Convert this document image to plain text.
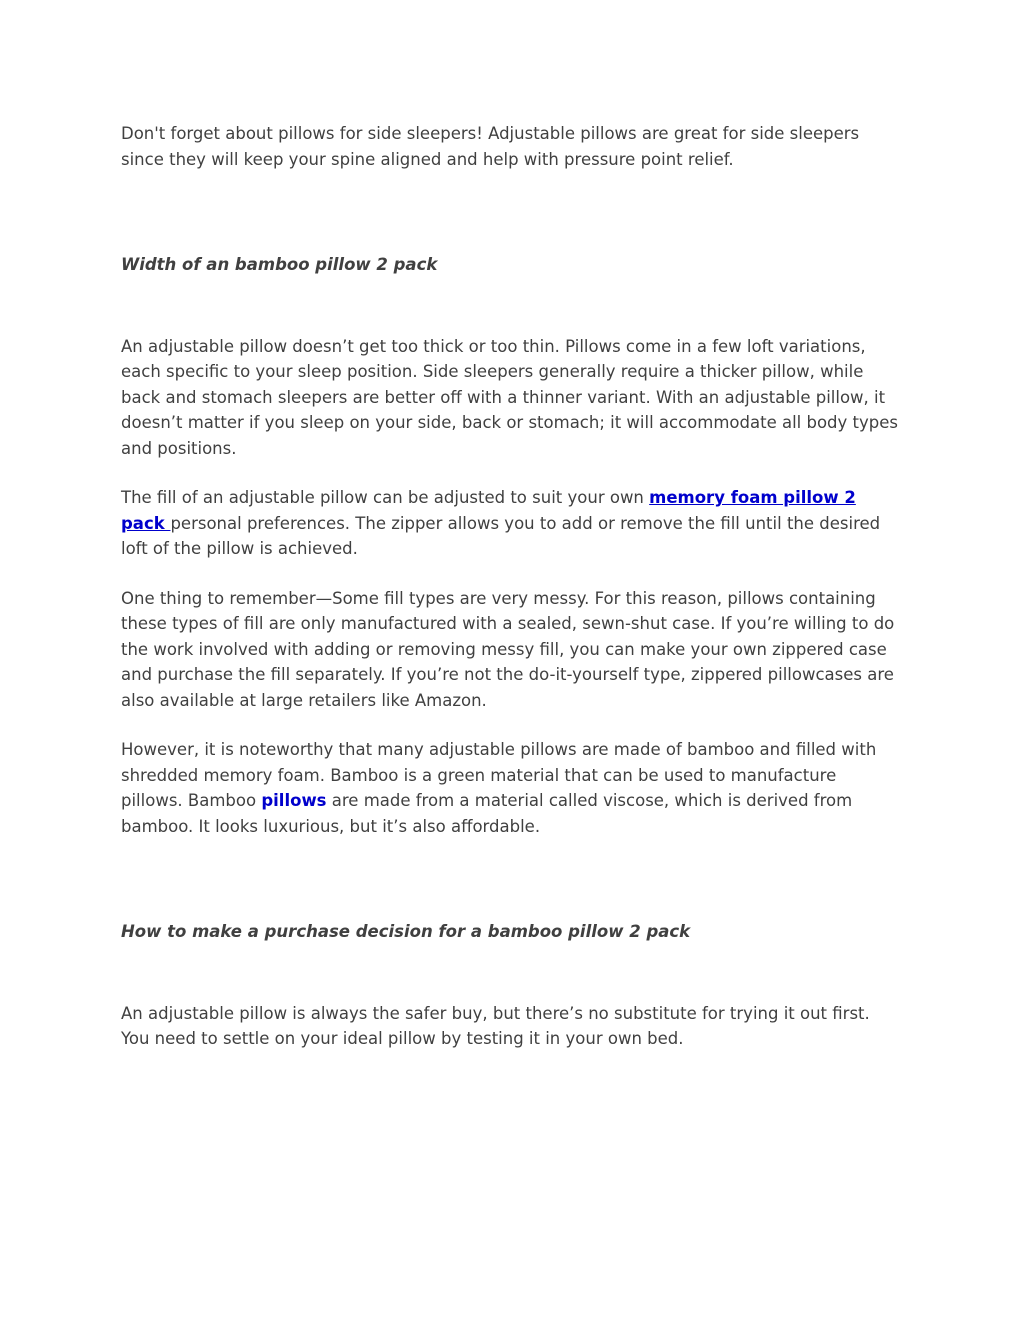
Don't forget about pillows for side sleepers! Adjustable pillows are great for side sleepers since they will keep your spine aligned and help with pressure point relief.

Width of an bamboo pillow 2 pack

An adjustable pillow doesn’t get too thick or too thin. Pillows come in a few loft variations, each specific to your sleep position. Side sleepers generally require a thicker pillow, while back and stomach sleepers are better off with a thinner variant. With an adjustable pillow, it doesn’t matter if you sleep on your side, back or stomach; it will accommodate all body types and positions.

The fill of an adjustable pillow can be adjusted to suit your own memory foam pillow 2 pack personal preferences. The zipper allows you to add or remove the fill until the desired loft of the pillow is achieved.

One thing to remember—Some fill types are very messy. For this reason, pillows containing these types of fill are only manufactured with a sealed, sewn-shut case. If you’re willing to do the work involved with adding or removing messy fill, you can make your own zippered case and purchase the fill separately. If you’re not the do-it-yourself type, zippered pillowcases are also available at large retailers like Amazon.

However, it is noteworthy that many adjustable pillows are made of bamboo and filled with shredded memory foam. Bamboo is a green material that can be used to manufacture pillows. Bamboo pillows are made from a material called viscose, which is derived from bamboo. It looks luxurious, but it’s also affordable.

How to make a purchase decision for a bamboo pillow 2 pack

An adjustable pillow is always the safer buy, but there’s no substitute for trying it out first. You need to settle on your ideal pillow by testing it in your own bed.
